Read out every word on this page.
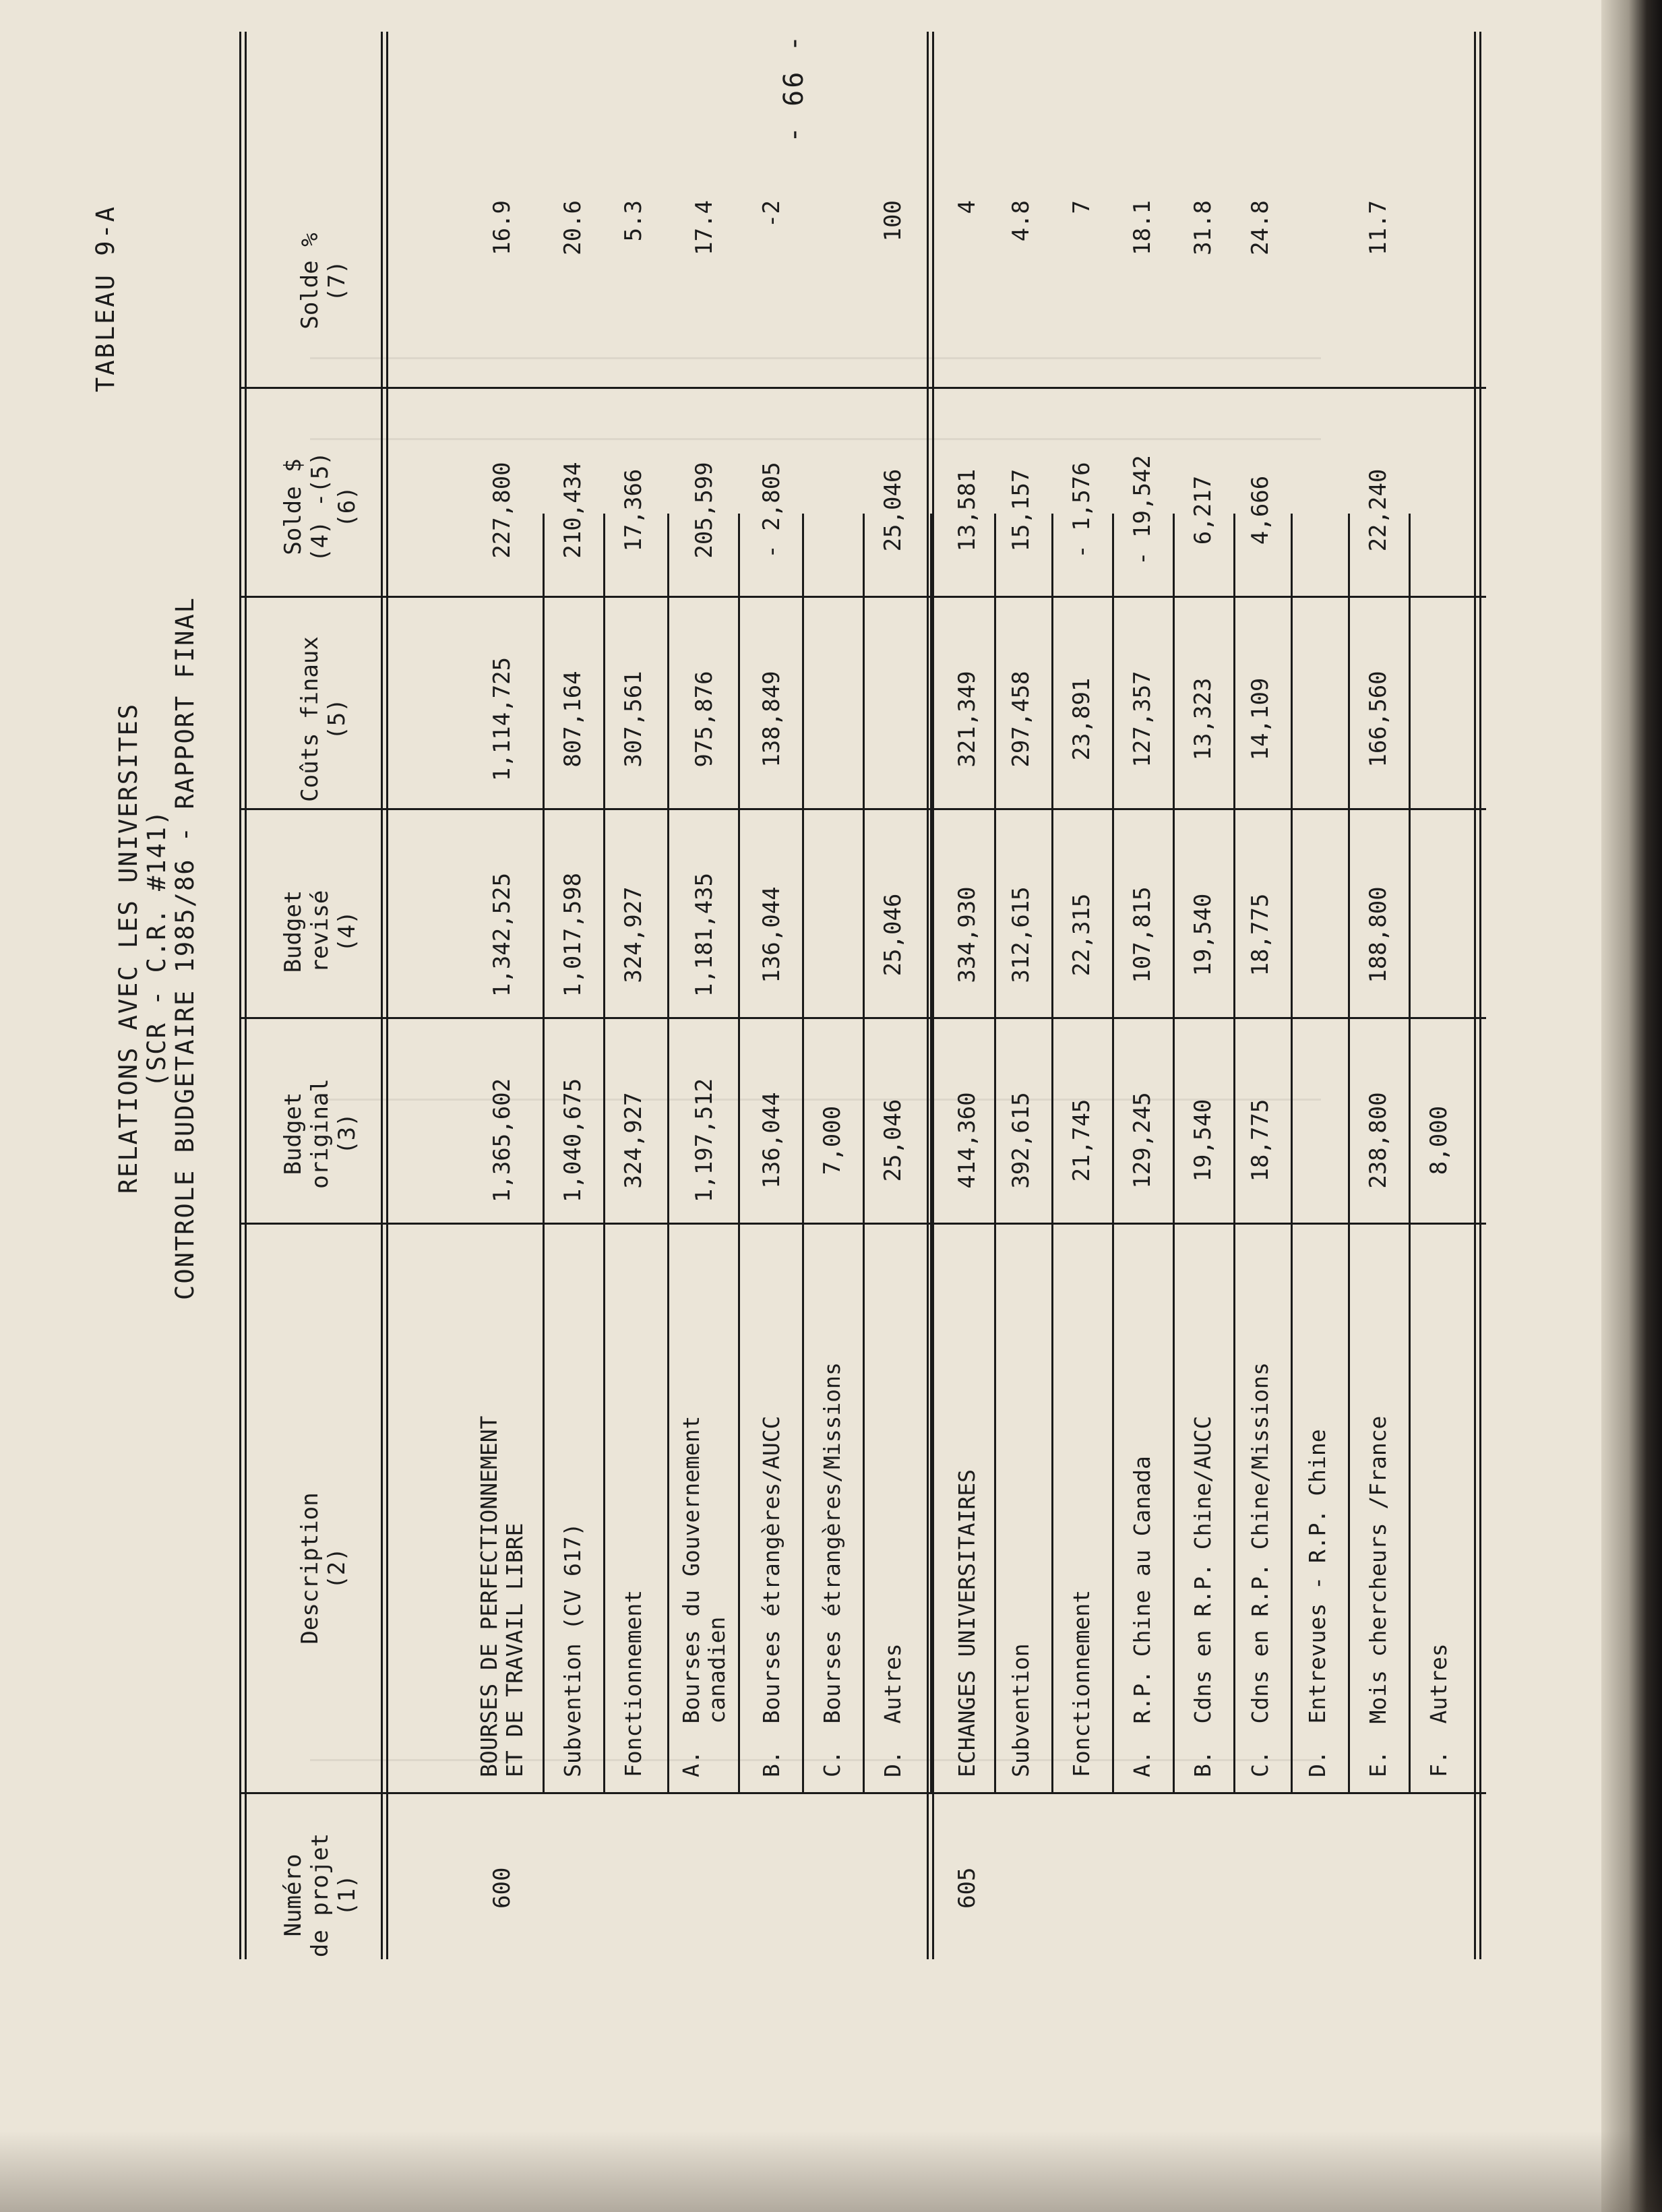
TABLEAU 9-A
RELATIONS AVEC LES UNIVERSITES (SCR - C.R. #141) CONTROLE BUDGETAIRE 1985/86 - RAPPORT FINAL
- 66 -
Numéro de projet (1)
Description (2)
Budget original (3)
Budget revisé (4)
Coûts finaux (5)
Solde $ (4) -(5) (6)
Solde % (7)
600
BOURSES DE PERFECTIONNEMENT ET DE TRAVAIL LIBRE
1,365,602
1,342,525
1,114,725
227,800
16.9
Subvention (CV 617)
1,040,675
1,017,598
807,164
210,434
20.6
Fonctionnement
324,927
324,927
307,561
17,366
5.3
A.  Bourses du Gouvernement canadien
1,197,512
1,181,435
975,876
205,599
17.4
B.  Bourses étrangères/AUCC
136,044
136,044
138,849
- 2,805
-2
C.  Bourses étrangères/Missions
7,000
D.  Autres
25,046
25,046
25,046
100
605
ECHANGES UNIVERSITAIRES
414,360
334,930
321,349
13,581
4
Subvention
392,615
312,615
297,458
15,157
4.8
Fonctionnement
21,745
22,315
23,891
- 1,576
7
A.  R.P. Chine au Canada
129,245
107,815
127,357
- 19,542
18.1
B.  Cdns en R.P. Chine/AUCC
19,540
19,540
13,323
6,217
31.8
C.  Cdns en R.P. Chine/Missions
18,775
18,775
14,109
4,666
24.8
D.  Entrevues - R.P. Chine E.  Mois chercheurs /France
238,800
188,800
166,560
22,240
11.7
F.  Autres
8,000
